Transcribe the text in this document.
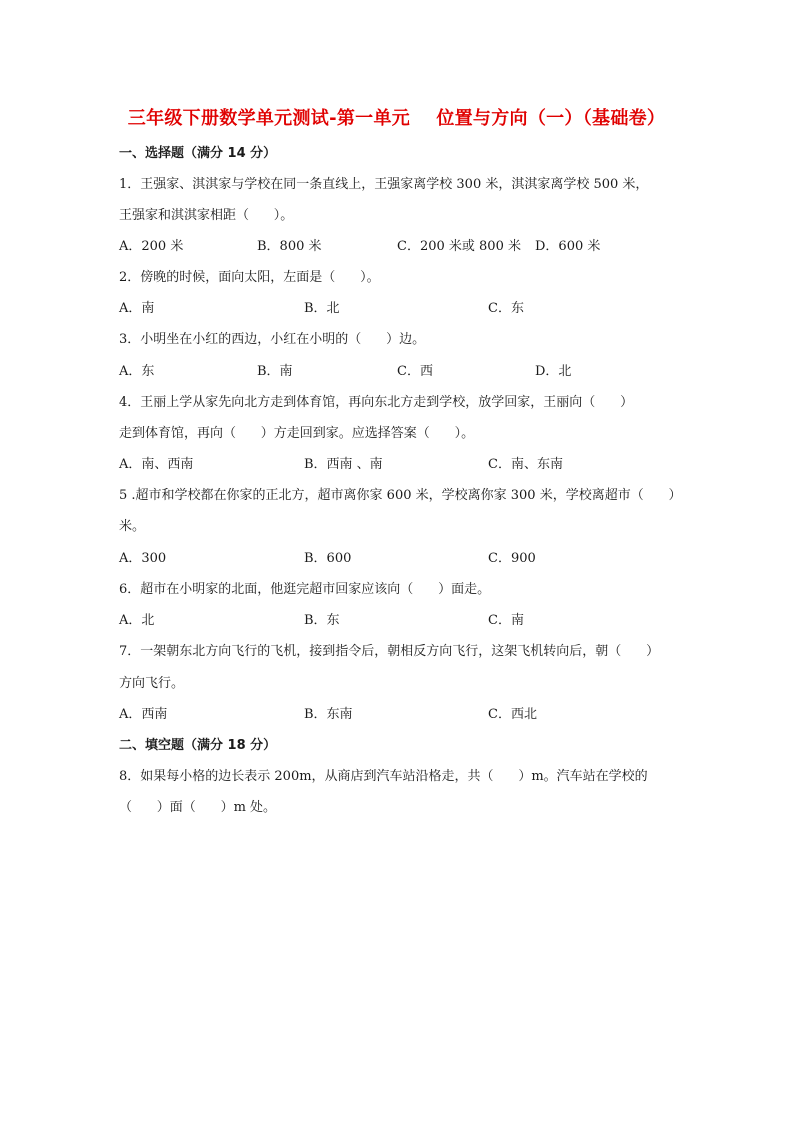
三年级下册数学单元测试-第一单元    位置与方向（一）（基础卷）
一、选择题（满分 14 分）
1．王强家、淇淇家与学校在同一条直线上，王强家离学校 300 米，淇淇家离学校 500 米，
王强家和淇淇家相距（      ）。
A．200 米	B．800 米	C．200 米或 800 米 D．600 米
2．傍晚的时候，面向太阳，左面是（      ）。
A．南	B．北	C．东
3．小明坐在小红的西边，小红在小明的（      ）边。
A．东	B．南	C．西	D．北
4．王丽上学从家先向北方走到体育馆，再向东北方走到学校，放学回家，王丽向（      ）
走到体育馆，再向（      ）方走回到家。应选择答案（      ）。
A．南、西南	B．西南 、南	C．南、东南
5 .超市和学校都在你家的正北方，超市离你家 600 米，学校离你家 300 米，学校离超市（      ）
米。
A．300	B．600	C．900
6．超市在小明家的北面，他逛完超市回家应该向（      ）面走。
A．北	B．东	C．南
7．一架朝东北方向飞行的飞机，接到指令后，朝相反方向飞行，这架飞机转向后，朝（      ）
方向飞行。
A．西南	B．东南	C．西北
二、填空题（满分 18 分）
8．如果每小格的边长表示 200m，从商店到汽车站沿格走，共（      ）m。汽车站在学校的
（      ）面（      ）m 处。
